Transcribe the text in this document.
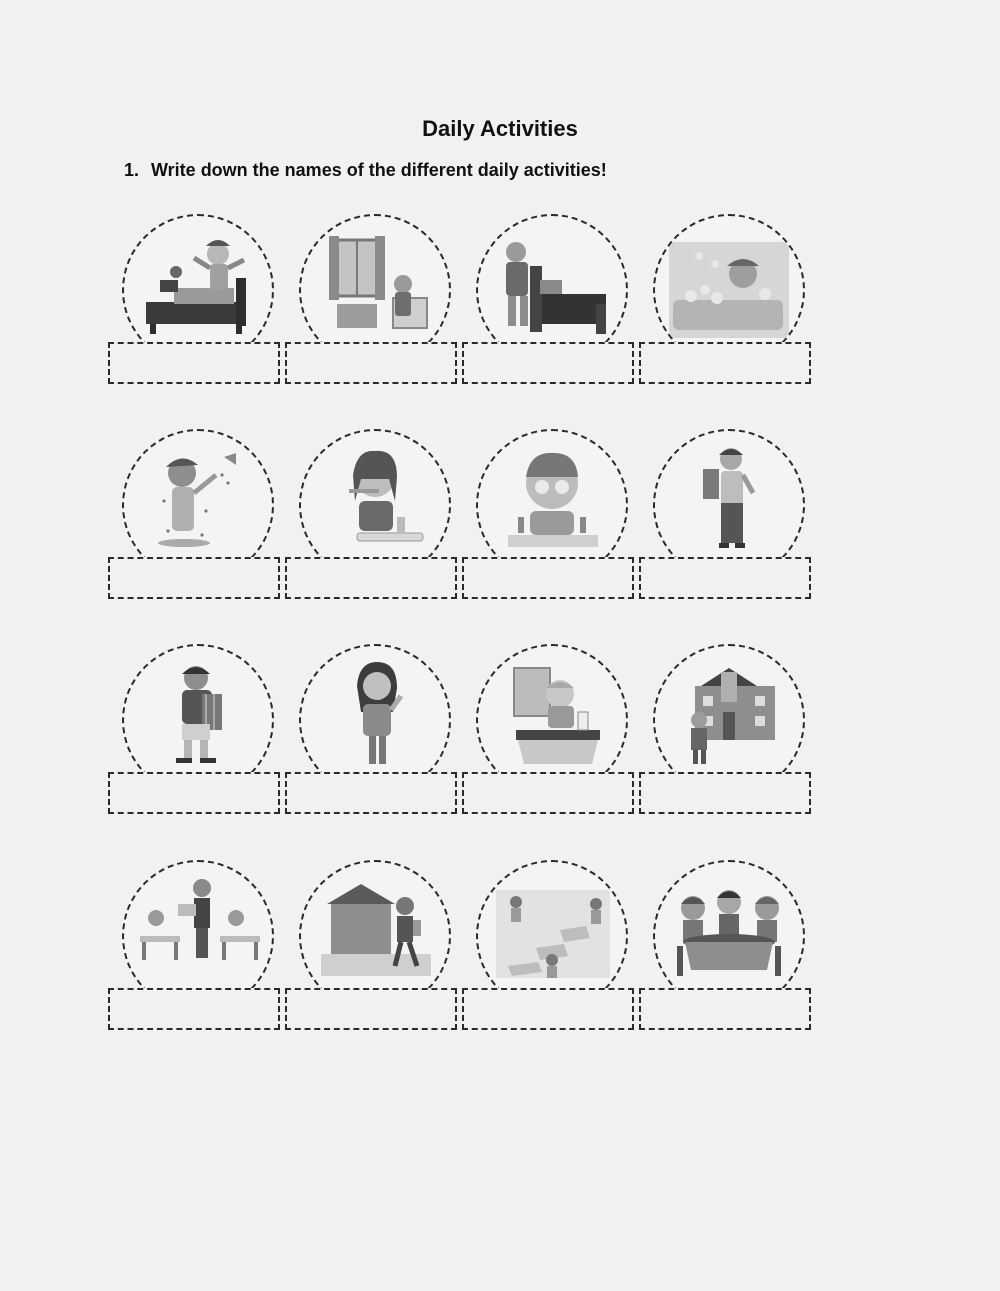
Daily Activities
1. Write down the names of the different daily activities!
